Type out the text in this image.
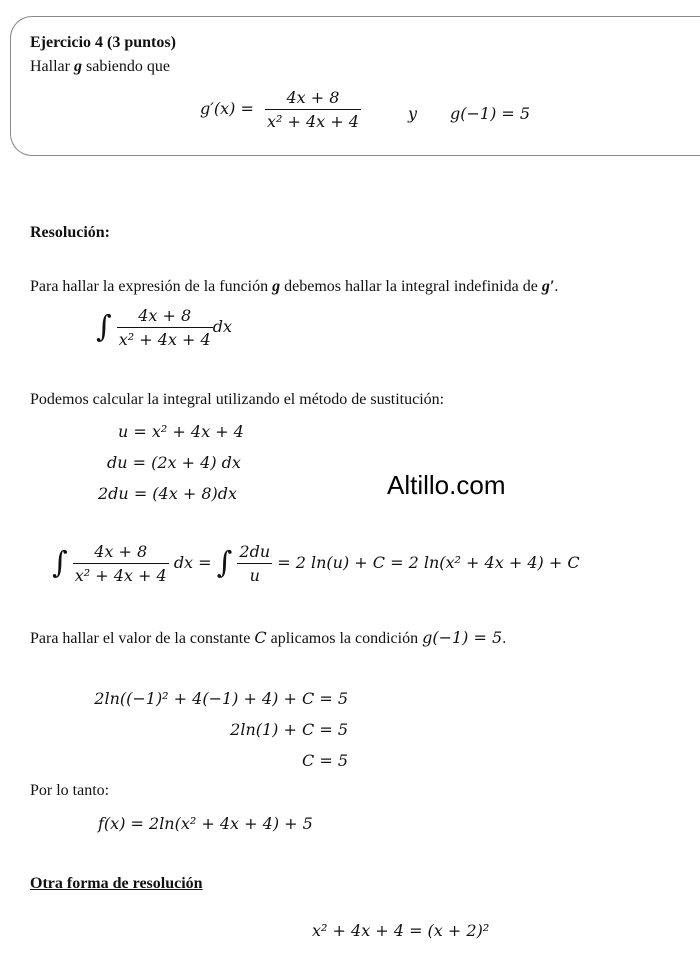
Ejercicio 4 (3 puntos)
Hallar g sabiendo que
$g'(x) = \frac{4x + 8}{\text{x² + 4x + 4}}$	y g(−1) = 5
Resolución:
Para hallar la expresión de la función g debemos hallar la integral indefinida de g′.
∫ $\frac{4x + 8}{\text{x² + 4x + 4}}$ dx
Podemos calcular la integral utilizando el método de sustitución:
u = x² + 4x + 4
du = (2x + 4) dx
2du = (4x + 8)dx	Altillo.com
∫ $\frac{4x + 8}{\text{x² + 4x + 4}}$ dx = ∫ $\frac{2du}{u} = 2$ ln(u) + C = 2 ln(x² + 4x + 4) + C
Para hallar el valor de la constante C aplicamos la condición g(−1) = 5.
2ln((−1)² + 4(−1) + 4) + C = 5
2ln(1) + C = 5
C = 5
Por lo tanto:
f(x) = 2ln(x² + 4x + 4) + 5
Otra forma de resolución
x² + 4x + 4 = (x + 2)²
